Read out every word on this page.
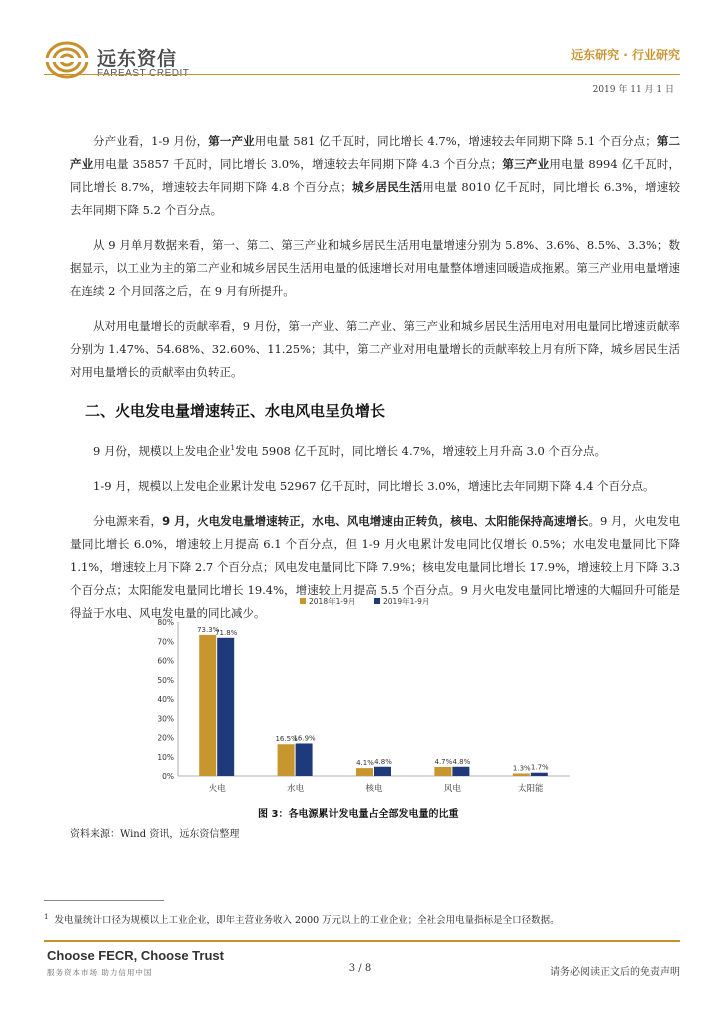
远东资信	远东研究 · 行业研究
2019 年 11 月 1 日

分产业看，1-9 月份，第一产业用电量 581 亿千瓦时，同比增长 4.7%，增速较去年同期下降 5.1 个百分点；第二产业用电量 35857 千瓦时，同比增长 3.0%，增速较去年同期下降 4.3 个百分点；第三产业用电量 8994 亿千瓦时，同比增长 8.7%，增速较去年同期下降 4.8 个百分点；城乡居民生活用电量 8010 亿千瓦时，同比增长 6.3%，增速较去年同期下降 5.2 个百分点。

从 9 月单月数据来看，第一、第二、第三产业和城乡居民生活用电量增速分别为 5.8%、3.6%、8.5%、3.3%；数据显示，以工业为主的第二产业和城乡居民生活用电量的低速增长对用电量整体增速回暖造成拖累。第三产业用电量增速在连续 2 个月回落之后，在 9 月有所提升。

从对用电量增长的贡献率看，9 月份，第一产业、第二产业、第三产业和城乡居民生活用电对用电量同比增速贡献率分别为 1.47%、54.68%、32.60%、11.25%；其中，第二产业对用电量增长的贡献率较上月有所下降，城乡居民生活对用电量增长的贡献率由负转正。

二、火电发电量增速转正、水电风电呈负增长

9 月份，规模以上发电企业$^1$发电 5908 亿千瓦时，同比增长 4.7%，增速较上月升高 3.0 个百分点。

1-9 月，规模以上发电企业累计发电 52967 亿千瓦时，同比增长 3.0%，增速比去年同期下降 4.4 个百分点。

分电源来看，9 月，火电发电量增速转正，水电、风电增速由正转负，核电、太阳能保持高速增长。9 月，火电发电量同比增长 6.0%，增速较上月提高 6.1 个百分点，但 1-9 月火电累计发电同比仅增长 0.5%；水电发电量同比下降 1.1%，增速较上月下降 2.7 个百分点；风电发电量同比下降 7.9%；核电发电量同比增长 17.9%，增速较上月下降 3.3 个百分点；太阳能发电量同比增长 19.4%，增速较上月提高 5.5 个百分点。9 月火电发电量同比增速的大幅回升可能是得益于水电、风电发电量的同比减少。

0%
10%
20%
30%
40%
50%
60%
70%
80%
2018年1-9月	2019年1-9月
火电
73.3%
71.8%
水电
16.5%
16.9%
核电
4.1% 4.8%
风电
4.7% 4.8%
太阳能
1.3% 1.7%
图 3：各电源累计发电量占全部发电量的比重
资料来源：Wind 资讯，远东资信整理
$^1$ 发电量统计口径为规模以上工业企业，即年主营业务收入 2000 万元以上的工业企业；全社会用电量指标是全口径数据。
Choose FECR, Choose Trust
服务资本市场 助力信用中国	3 / 8	请务必阅读正文后的免责声明
